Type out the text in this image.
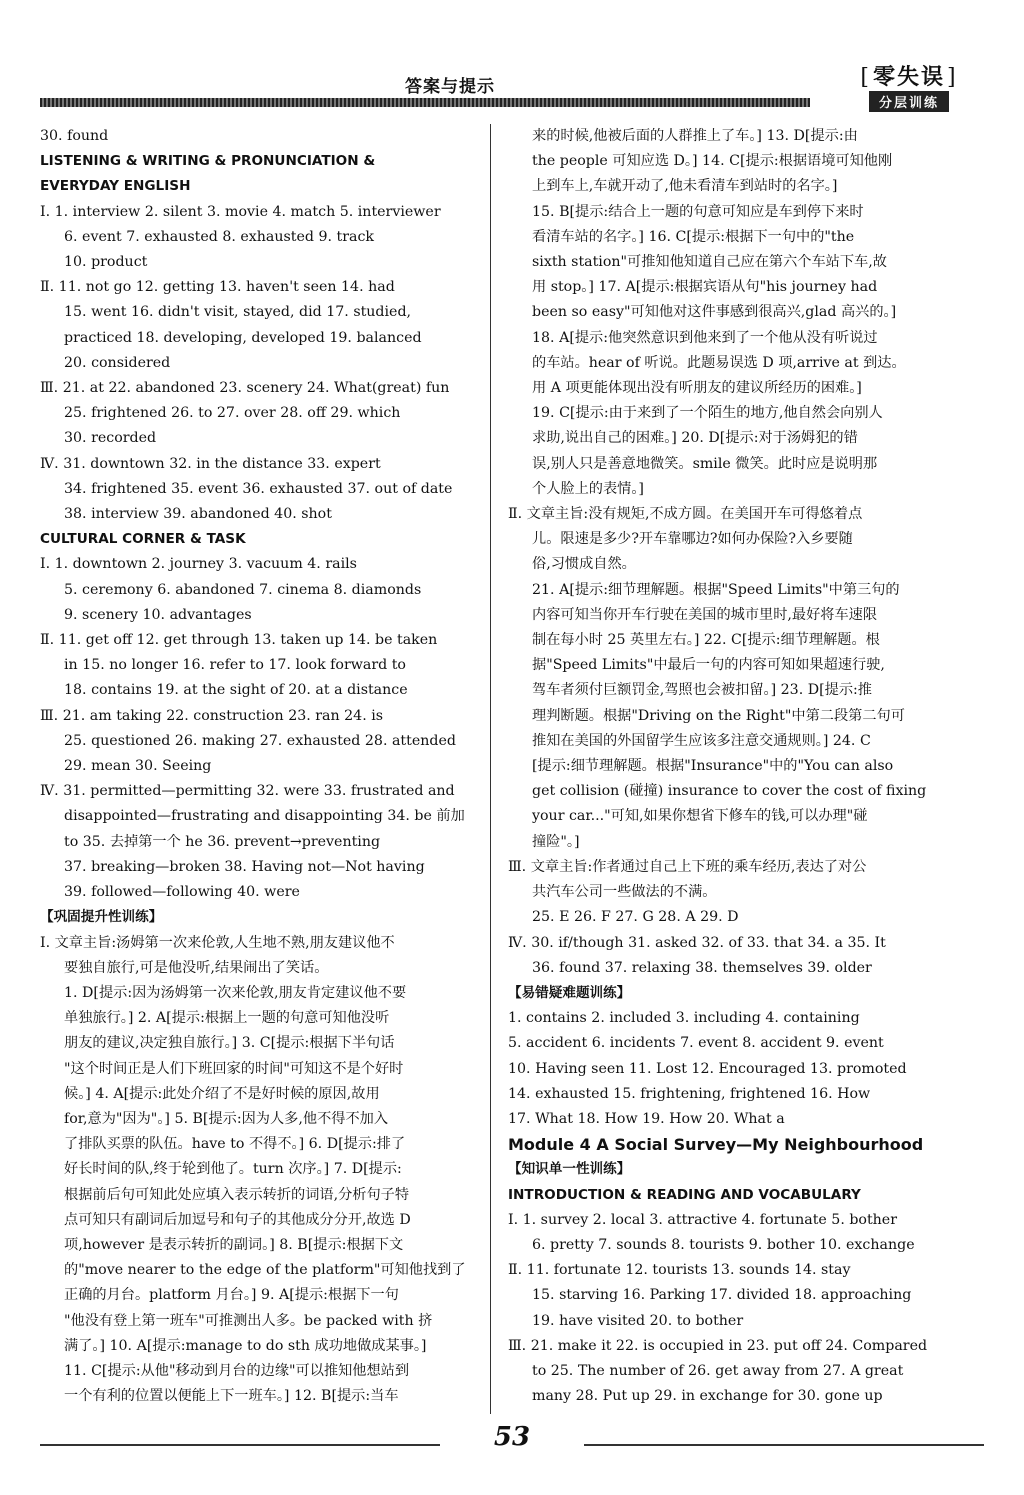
答案与提示
[	零失误 ]
分层训练
30. found
LISTENING & WRITING & PRONUNCIATION &
EVERYDAY ENGLISH
Ⅰ. 1. interview 2. silent 3. movie 4. match 5. interviewer
6. event 7. exhausted 8. exhausted 9. track
10. product
Ⅱ. 11. not go 12. getting 13. haven't seen 14. had
15. went 16. didn't visit, stayed, did 17. studied,
practiced 18. developing, developed 19. balanced
20. considered
Ⅲ. 21. at 22. abandoned 23. scenery 24. What(great) fun
25. frightened 26. to 27. over 28. off 29. which
30. recorded
Ⅳ. 31. downtown 32. in the distance 33. expert
34. frightened 35. event 36. exhausted 37. out of date
38. interview 39. abandoned 40. shot
CULTURAL CORNER & TASK
Ⅰ. 1. downtown 2. journey 3. vacuum 4. rails
5. ceremony 6. abandoned 7. cinema 8. diamonds
9. scenery 10. advantages
Ⅱ. 11. get off 12. get through 13. taken up 14. be taken
in 15. no longer 16. refer to 17. look forward to
18. contains 19. at the sight of 20. at a distance
Ⅲ. 21. am taking 22. construction 23. ran 24. is
25. questioned 26. making 27. exhausted 28. attended
29. mean 30. Seeing
Ⅳ. 31. permitted—permitting 32. were 33. frustrated and
disappointed—frustrating and disappointing 34. be 前加
to 35. 去掉第一个 he 36. prevent→preventing
37. breaking—broken 38. Having not—Not having
39. followed—following 40. were
【巩固提升性训练】
Ⅰ. 文章主旨:汤姆第一次来伦敦,人生地不熟,朋友建议他不
要独自旅行,可是他没听,结果闹出了笑话。
1. D[提示:因为汤姆第一次来伦敦,朋友肯定建议他不要
单独旅行。] 2. A[提示:根据上一题的句意可知他没听
朋友的建议,决定独自旅行。] 3. C[提示:根据下半句话
"这个时间正是人们下班回家的时间"可知这不是个好时
候。] 4. A[提示:此处介绍了不是好时候的原因,故用
for,意为"因为"。] 5. B[提示:因为人多,他不得不加入
了排队买票的队伍。have to 不得不。] 6. D[提示:排了
好长时间的队,终于轮到他了。turn 次序。] 7. D[提示:
根据前后句可知此处应填入表示转折的词语,分析句子特
点可知只有副词后加逗号和句子的其他成分分开,故选 D
项,however 是表示转折的副词。] 8. B[提示:根据下文
的"move nearer to the edge of the platform"可知他找到了
正确的月台。platform 月台。] 9. A[提示:根据下一句
"他没有登上第一班车"可推测出人多。be packed with 挤
满了。] 10. A[提示:manage to do sth 成功地做成某事。]
11. C[提示:从他"移动到月台的边缘"可以推知他想站到
一个有利的位置以便能上下一班车。] 12. B[提示:当车
来的时候,他被后面的人群推上了车。] 13. D[提示:由
the people 可知应选 D。] 14. C[提示:根据语境可知他刚
上到车上,车就开动了,他未看清车到站时的名字。]
15. B[提示:结合上一题的句意可知应是车到停下来时
看清车站的名字。] 16. C[提示:根据下一句中的"the
sixth station"可推知他知道自己应在第六个车站下车,故
用 stop。] 17. A[提示:根据宾语从句"his journey had
been so easy"可知他对这件事感到很高兴,glad 高兴的。]
18. A[提示:他突然意识到他来到了一个他从没有听说过
的车站。hear of 听说。此题易误选 D 项,arrive at 到达。
用 A 项更能体现出没有听朋友的建议所经历的困难。]
19. C[提示:由于来到了一个陌生的地方,他自然会向别人
求助,说出自己的困难。] 20. D[提示:对于汤姆犯的错
误,别人只是善意地微笑。smile 微笑。此时应是说明那
个人脸上的表情。]
Ⅱ. 文章主旨:没有规矩,不成方圆。在美国开车可得悠着点
儿。限速是多少?开车靠哪边?如何办保险?入乡要随
俗,习惯成自然。
21. A[提示:细节理解题。根据"Speed Limits"中第三句的
内容可知当你开车行驶在美国的城市里时,最好将车速限
制在每小时 25 英里左右。] 22. C[提示:细节理解题。根
据"Speed Limits"中最后一句的内容可知如果超速行驶,
驾车者须付巨额罚金,驾照也会被扣留。] 23. D[提示:推
理判断题。根据"Driving on the Right"中第二段第二句可
推知在美国的外国留学生应该多注意交通规则。] 24. C
[提示:细节理解题。根据"Insurance"中的"You can also
get collision (碰撞) insurance to cover the cost of fixing
your car..."可知,如果你想省下修车的钱,可以办理"碰
撞险"。]
Ⅲ. 文章主旨:作者通过自己上下班的乘车经历,表达了对公
共汽车公司一些做法的不满。
25. E 26. F 27. G 28. A 29. D
Ⅳ. 30. if/though 31. asked 32. of 33. that 34. a 35. It
36. found 37. relaxing 38. themselves 39. older
【易错疑难题训练】
1. contains 2. included 3. including 4. containing
5. accident 6. incidents 7. event 8. accident 9. event
10. Having seen 11. Lost 12. Encouraged 13. promoted
14. exhausted 15. frightening, frightened 16. How
17. What 18. How 19. How 20. What a
Module 4 A Social Survey—My Neighbourhood
【知识单一性训练】
INTRODUCTION & READING AND VOCABULARY
Ⅰ. 1. survey 2. local 3. attractive 4. fortunate 5. bother
6. pretty 7. sounds 8. tourists 9. bother 10. exchange
Ⅱ. 11. fortunate 12. tourists 13. sounds 14. stay
15. starving 16. Parking 17. divided 18. approaching
19. have visited 20. to bother
Ⅲ. 21. make it 22. is occupied in 23. put off 24. Compared
to 25. The number of 26. get away from 27. A great
many 28. Put up 29. in exchange for 30. gone up
53
